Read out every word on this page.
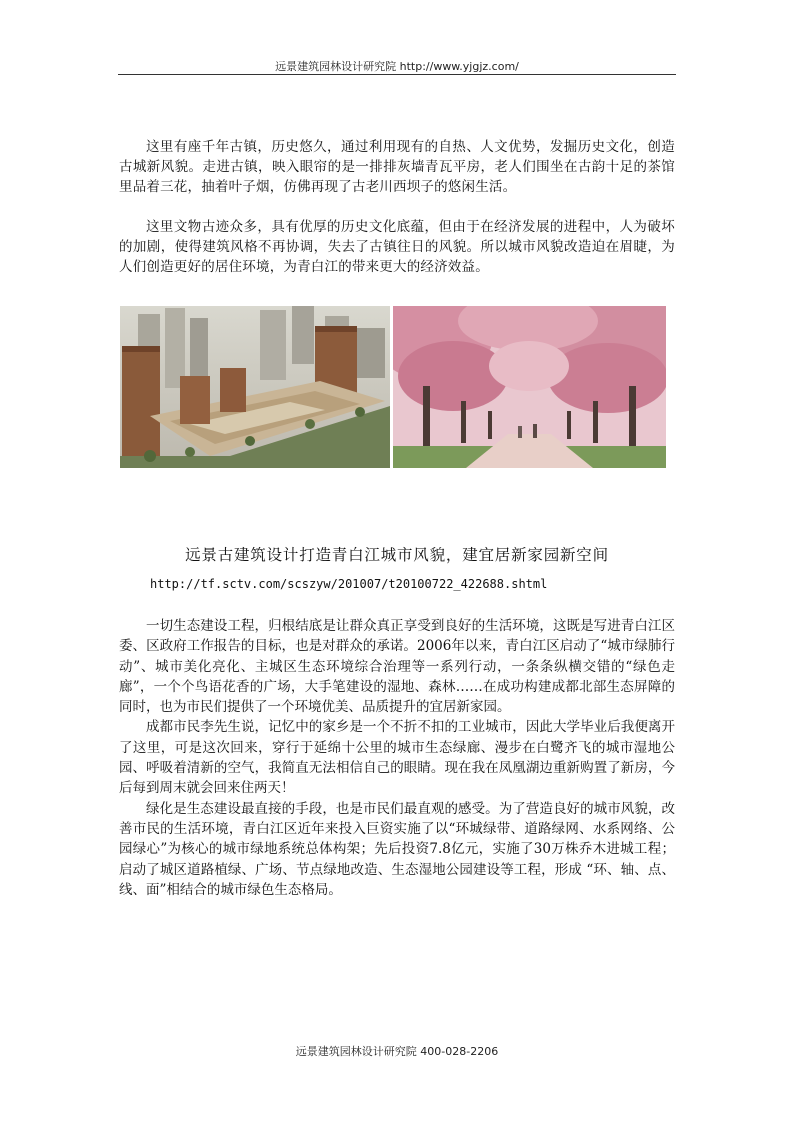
远景建筑园林设计研究院 http://www.yjgjz.com/
这里有座千年古镇，历史悠久，通过利用现有的自热、人文优势，发掘历史文化，创造古城新风貌。走进古镇，映入眼帘的是一排排灰墙青瓦平房，老人们围坐在古韵十足的茶馆里品着三花，抽着叶子烟，仿佛再现了古老川西坝子的悠闲生活。
这里文物古迹众多，具有优厚的历史文化底蕴，但由于在经济发展的进程中，人为破坏的加剧，使得建筑风格不再协调，失去了古镇往日的风貌。所以城市风貌改造迫在眉睫，为人们创造更好的居住环境，为青白江的带来更大的经济效益。
远景古建筑设计打造青白江城市风貌，建宜居新家园新空间
http://tf.sctv.com/scszyw/201007/t20100722_422688.shtml

一切生态建设工程，归根结底是让群众真正享受到良好的生活环境，这既是写进青白江区委、区政府工作报告的目标，也是对群众的承诺。2006年以来，青白江区启动了“城市绿肺行动”、城市美化亮化、主城区生态环境综合治理等一系列行动，一条条纵横交错的“绿色走廊”，一个个鸟语花香的广场，大手笔建设的湿地、森林……在成功构建成都北部生态屏障的同时，也为市民们提供了一个环境优美、品质提升的宜居新家园。

成都市民李先生说，记忆中的家乡是一个不折不扣的工业城市，因此大学毕业后我便离开了这里，可是这次回来，穿行于延绵十公里的城市生态绿廊、漫步在白鹭齐飞的城市湿地公园、呼吸着清新的空气，我简直无法相信自己的眼睛。现在我在凤凰湖边重新购置了新房，今后每到周末就会回来住两天！

绿化是生态建设最直接的手段，也是市民们最直观的感受。为了营造良好的城市风貌，改善市民的生活环境，青白江区近年来投入巨资实施了以“环城绿带、道路绿网、水系网络、公园绿心”为核心的城市绿地系统总体构架；先后投资7.8亿元，实施了30万株乔木进城工程；启动了城区道路植绿、广场、节点绿地改造、生态湿地公园建设等工程，形成 “环、轴、点、线、面”相结合的城市绿色生态格局。

远景建筑园林设计研究院 400-028-2206
